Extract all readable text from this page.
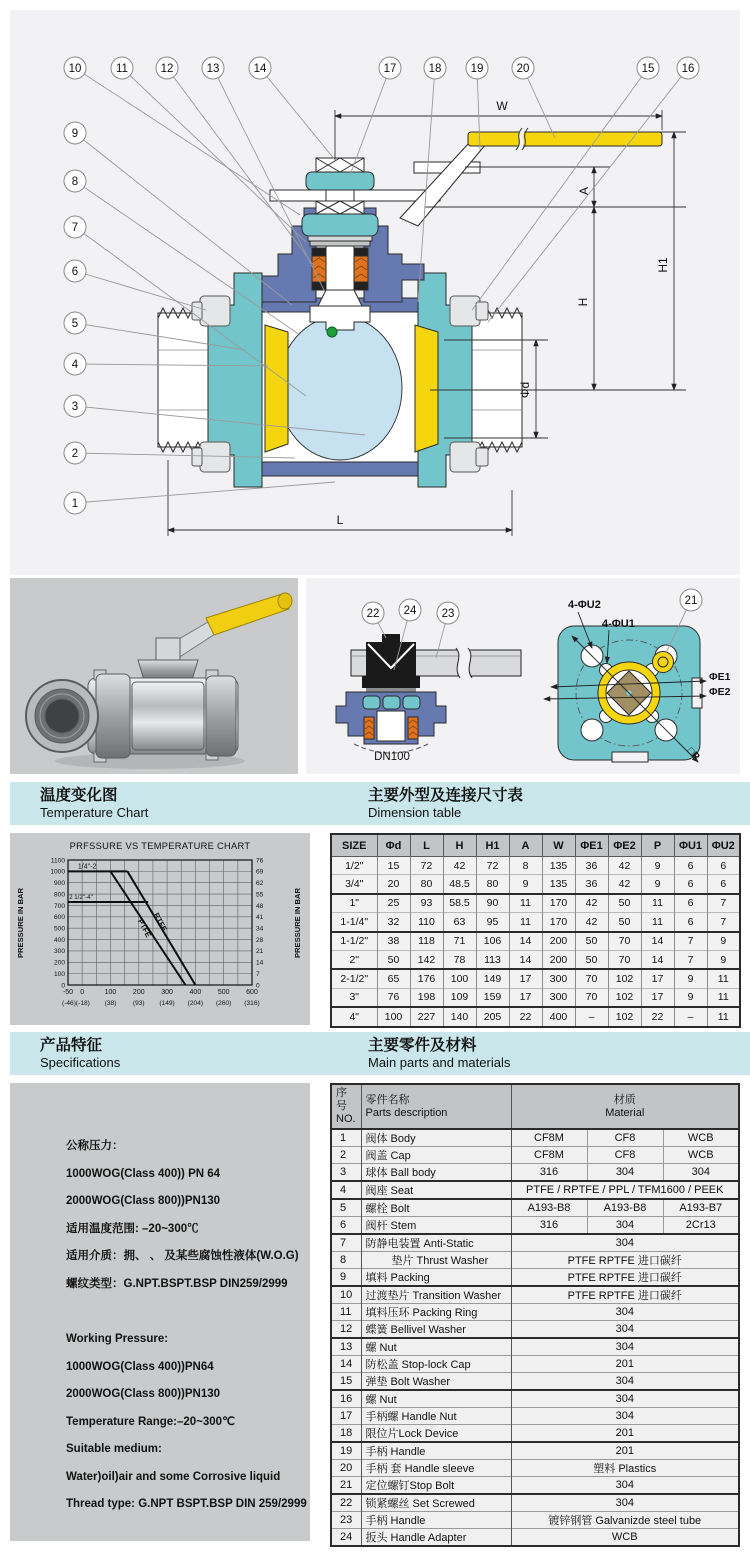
W
A
H
H1
Φd
L
10	11	12	13	14	17	18	19	20	15 16
9
8
7
6
5
4
3
2
1
DN100
4-ΦU2
4-ΦU1
ΦE1
ΦE2
□P
22 24 23
21
温度变化图
Temperature Chart
主要外型及连接尺寸表
Dimension table
PRFSSURE VS TEMPERATURE CHART
0
100
200
300
400
500
600
700
800
900
1000
1100
0
7
14
21
28
34
41
48
55
62
69
76
-50 0	100 200 300 400 500 600
(-46)(-18) (38)	(93) (149) (204) (260) (316)
PRESSURE IN BAR	PRESSURE IN BAR
1/4"-2
2 1/2"-4"
PTFE
RTFE
SIZE	Φd	L	H	H1	A	W	ΦE1	ΦE2	P	ΦU1	ΦU2
1/2"	15	72	42	72	8	135	36	42	9	6	6
3/4"	20	80	48.5	80	9	135	36	42	9	6	6
1"	25	93	58.5	90	11	170	42	50	11	6	7
1-1/4"	32	110	63	95	11	170	42	50	11	6	7
1-1/2"	38	118	71	106	14	200	50	70	14	7	9
2"	50	142	78	113	14	200	50	70	14	7	9
2-1/2"	65	176	100	149	17	300	70	102	17	9	11
3"	76	198	109	159	17	300	70	102	17	9	11
4"	100	227	140	205	22	400	–	102	22	–	11
产品特征
Specifications
主要零件及材料
Main parts and materials
公称压力：
1000WOG(Class 400)) PN 64
2000WOG(Class 800))PN130
适用温度范围: –20~300℃
适用介质：拥、 、 及某些腐蚀性液体(W.O.G)
螺纹类型：G.NPT.BSPT.BSP DIN259/2999
Working Pressure:
1000WOG(Class 400))PN64
2000WOG(Class 800))PN130
Temperature Range:–20~300℃
Suitable medium:
Water)oil)air and some Corrosive liquid
Thread type: G.NPT BSPT.BSP DIN 259/2999
序号
NO.

零件名称
Parts description

材质
Material

1	阀体 Body	CF8M	CF8	WCB
2	阀盖 Cap	CF8M	CF8	WCB
3	球体 Ball body	316	304	304
4	阀座 Seat	PTFE / RPTFE / PPL / TFM1600 / PEEK		
5	螺栓 Bolt	A193-B8	A193-B8	A193-B7
6	阀杆 Stem	316	304	2Cr13
7	防静电装置 Anti-Static	304		
8	垫片 Thrust Washer	PTFE RPTFE 进口碳纤		
9	填料 Packing	PTFE RPTFE 进口碳纤		
10	过渡垫片 Transition Washer	PTFE RPTFE 进口碳纤		
11	填料压环 Packing Ring	304		
12	蝶簧 Bellivel Washer	304		
13	螺 Nut	304		
14	防松盖 Stop-lock Cap	201		
15	弹垫 Bolt Washer	304		
16	螺 Nut	304		
17	手柄螺 Handle Nut	304		
18	限位片Lock Device	201		
19	手柄 Handle	201		
20	手柄 套 Handle sleeve	塑料 Plastics		
21	定位螺钉Stop Bolt	304		
22	锁紧螺丝 Set Screwed	304		
23	手柄 Handle	镀锌钢管 Galvanizde steel tube		
24	扳头 Handle Adapter	WCB		
